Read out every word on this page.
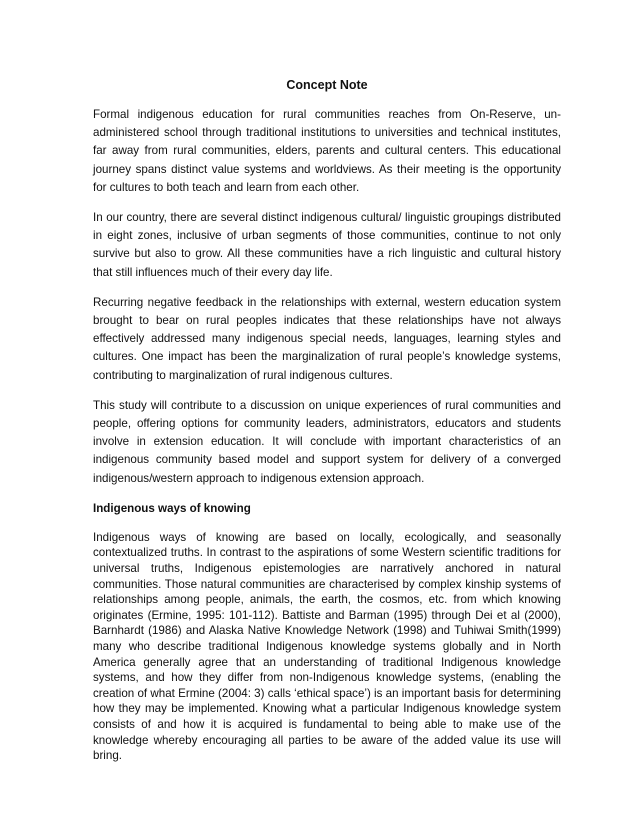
Concept Note

Formal indigenous education for rural communities reaches from On-Reserve, un-administered school through traditional institutions to universities and technical institutes, far away from rural communities, elders, parents and cultural centers. This educational journey spans distinct value systems and worldviews. As their meeting is the opportunity for cultures to both teach and learn from each other.

In our country, there are several distinct indigenous cultural/ linguistic groupings distributed in eight zones, inclusive of urban segments of those communities, continue to not only survive but also to grow. All these communities have a rich linguistic and cultural history that still influences much of their every day life.

Recurring negative feedback in the relationships with external, western education system brought to bear on rural peoples indicates that these relationships have not always effectively addressed many indigenous special needs, languages, learning styles and cultures. One impact has been the marginalization of rural people’s knowledge systems, contributing to marginalization of rural indigenous cultures.

This study will contribute to a discussion on unique experiences of rural communities and people, offering options for community leaders, administrators, educators and students involve in extension education. It will conclude with important characteristics of an indigenous community based model and support system for delivery of a converged indigenous/western approach to indigenous extension approach.

Indigenous ways of knowing

Indigenous ways of knowing are based on locally, ecologically, and seasonally contextualized truths. In contrast to the aspirations of some Western scientific traditions for universal truths, Indigenous epistemologies are narratively anchored in natural communities. Those natural communities are characterised by complex kinship systems of relationships among people, animals, the earth, the cosmos, etc. from which knowing originates (Ermine, 1995: 101-112). Battiste and Barman (1995) through Dei et al (2000), Barnhardt (1986) and Alaska Native Knowledge Network (1998) and Tuhiwai Smith(1999) many who describe traditional Indigenous knowledge systems globally and in North America generally agree that an understanding of traditional Indigenous knowledge systems, and how they differ from non-Indigenous knowledge systems, (enabling the creation of what Ermine (2004: 3) calls ‘ethical space’) is an important basis for determining how they may be implemented. Knowing what a particular Indigenous knowledge system consists of and how it is acquired is fundamental to being able to make use of the knowledge whereby encouraging all parties to be aware of the added value its use will bring.
